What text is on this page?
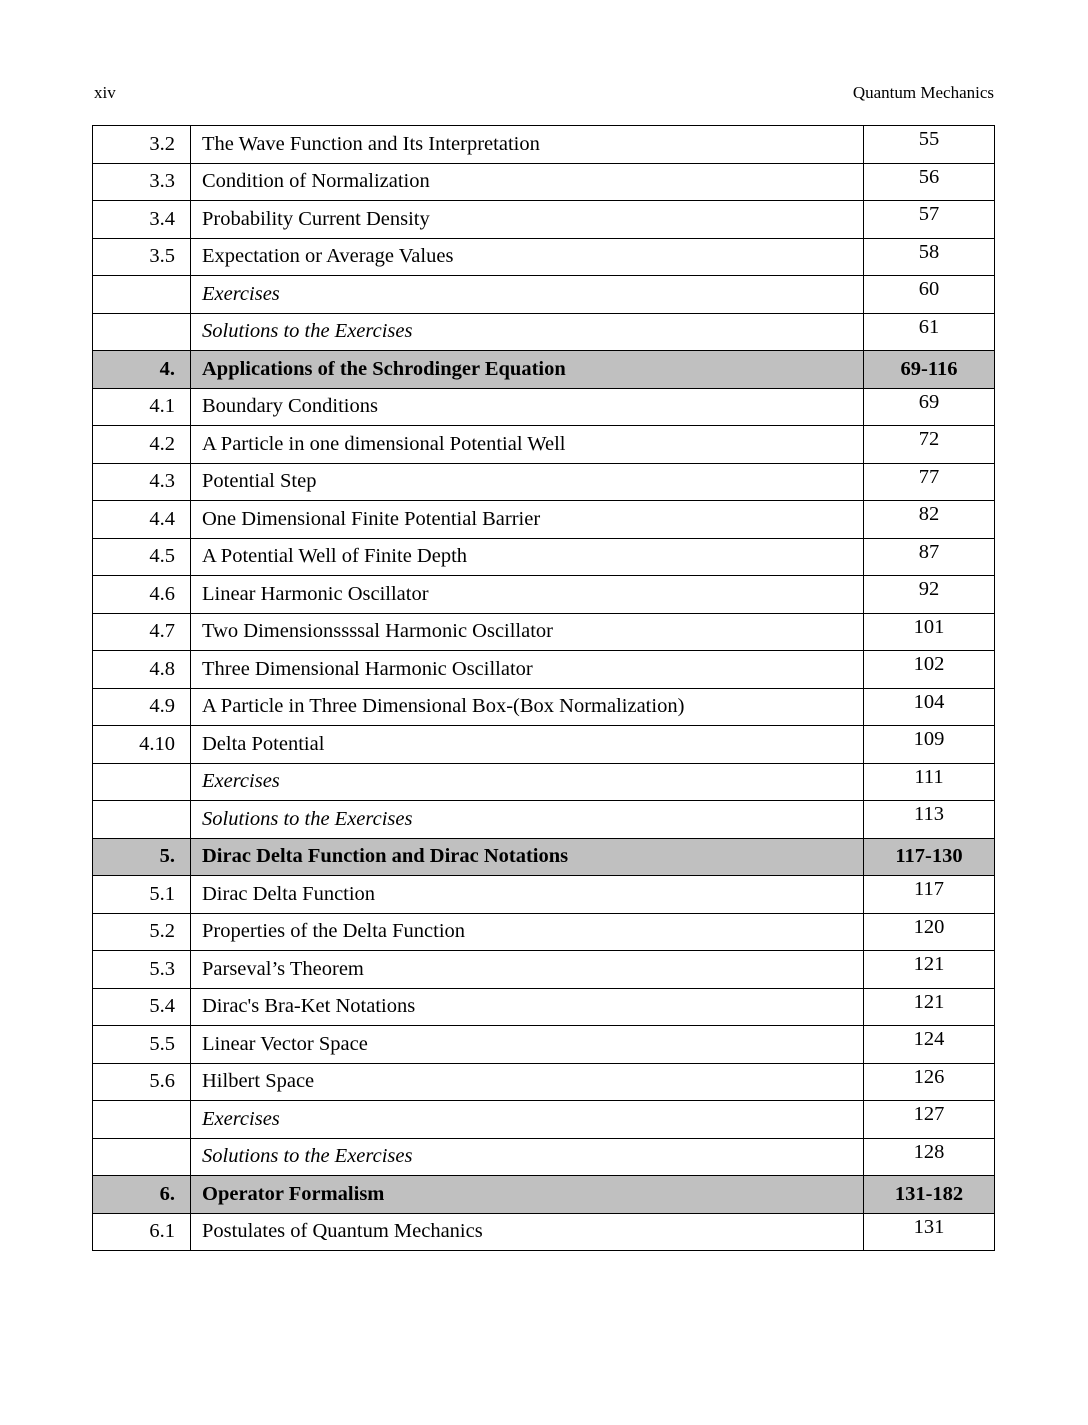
xiv	Quantum Mechanics
3.2	The Wave Function and Its Interpretation	55
3.3	Condition of Normalization	56
3.4	Probability Current Density	57
3.5	Expectation or Average Values	58
	Exercises	60
	Solutions to the Exercises	61
4.	Applications of the Schrodinger Equation	69-116
4.1	Boundary Conditions	69
4.2	A Particle in one dimensional Potential Well	72
4.3	Potential Step	77
4.4	One Dimensional Finite Potential Barrier	82
4.5	A Potential Well of Finite Depth	87
4.6	Linear Harmonic Oscillator	92
4.7	Two Dimensionssssal Harmonic Oscillator	101
4.8	Three Dimensional Harmonic Oscillator	102
4.9	A Particle in Three Dimensional Box-(Box Normalization)	104
4.10	Delta Potential	109
	Exercises	111
	Solutions to the Exercises	113
5.	Dirac Delta Function and Dirac Notations	117-130
5.1	Dirac Delta Function	117
5.2	Properties of the Delta Function	120
5.3	Parseval’s Theorem	121
5.4	Dirac's Bra-Ket Notations	121
5.5	Linear Vector Space	124
5.6	Hilbert Space	126
	Exercises	127
	Solutions to the Exercises	128
6.	Operator Formalism	131-182
6.1	Postulates of Quantum Mechanics	131
